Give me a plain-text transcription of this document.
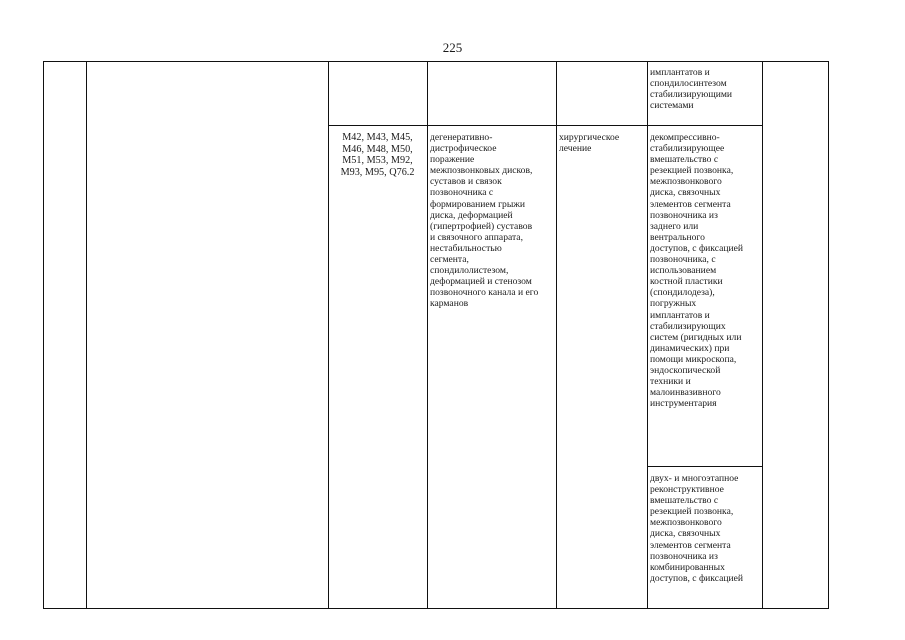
225
имплантатов и
спондилосинтезом
стабилизирующими
системами
M42, M43, M45,
M46, M48, M50,
M51, M53, M92,
M93, M95, Q76.2
дегенеративно-
дистрофическое
поражение
межпозвонковых дисков,
суставов и связок
позвоночника с
формированием грыжи
диска, деформацией
(гипертрофией) суставов
и связочного аппарата,
нестабильностью
сегмента,
спондилолистезом,
деформацией и стенозом
позвоночного канала и его
карманов
хирургическое
лечение
декомпрессивно-
стабилизирующее
вмешательство с
резекцией позвонка,
межпозвонкового
диска, связочных
элементов сегмента
позвоночника из
заднего или
вентрального
доступов, с фиксацией
позвоночника, с
использованием
костной пластики
(спондилодеза),
погружных
имплантатов и
стабилизирующих
систем (ригидных или
динамических) при
помощи микроскопа,
эндоскопической
техники и
малоинвазивного
инструментария
двух- и многоэтапное
реконструктивное
вмешательство с
резекцией позвонка,
межпозвонкового
диска, связочных
элементов сегмента
позвоночника из
комбинированных
доступов, с фиксацией
